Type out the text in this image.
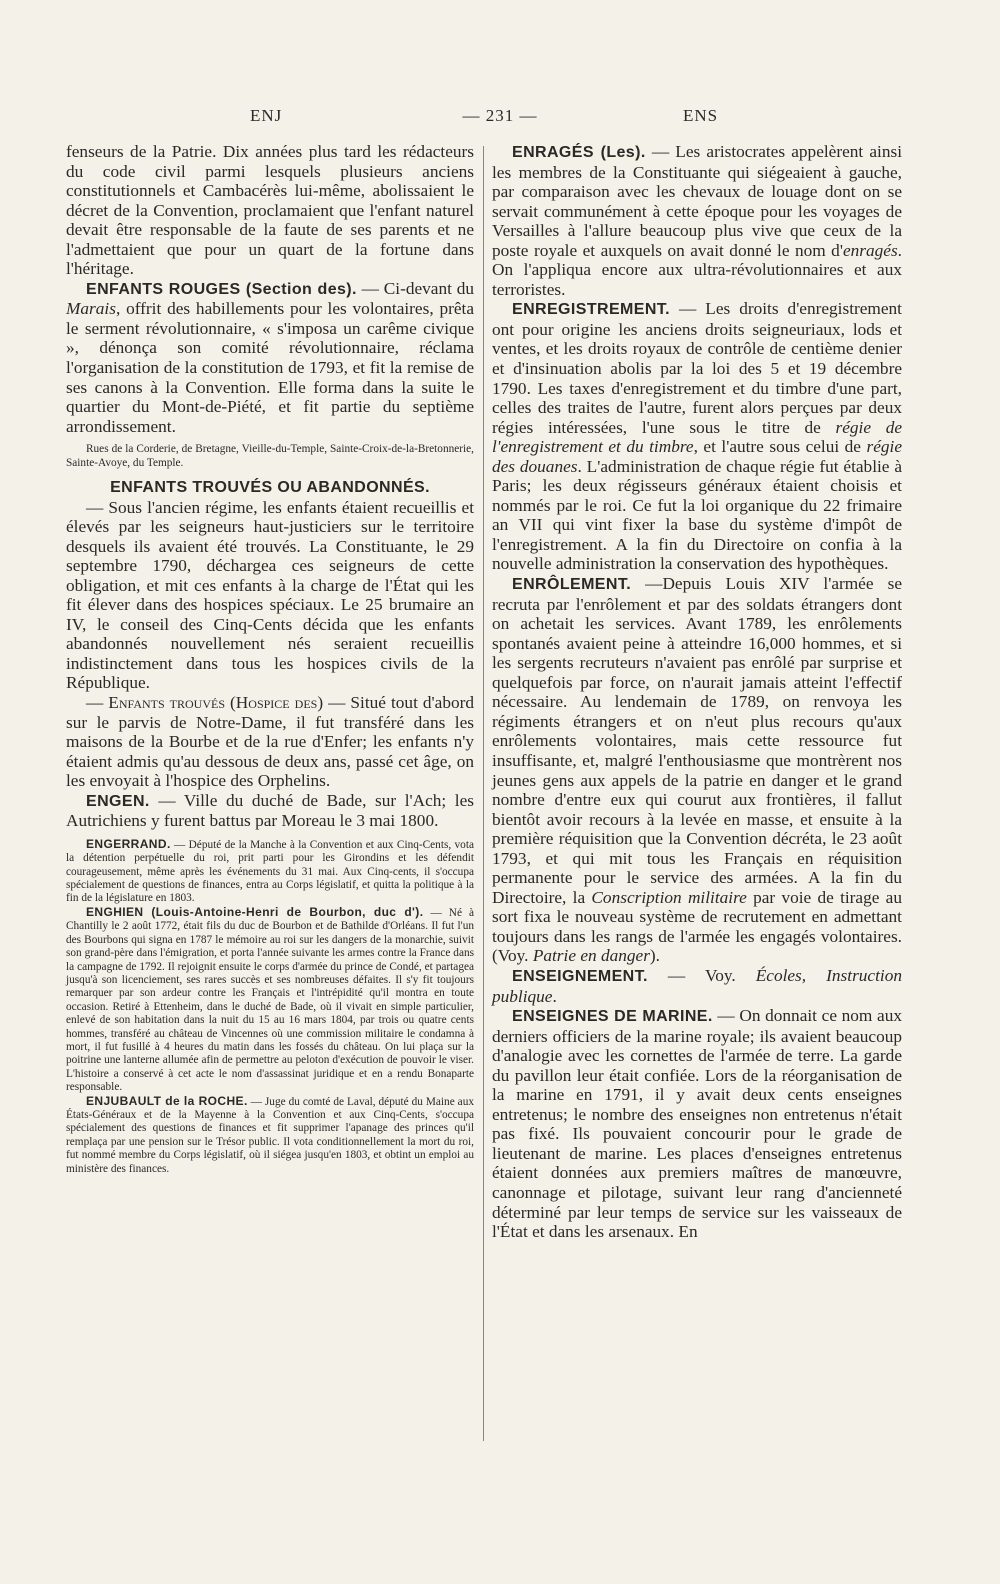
ENJ	— 231 —	ENS

fenseurs de la Patrie. Dix années plus tard les rédacteurs du code civil parmi lesquels plusieurs anciens constitutionnels et Cambacérès lui-même, abolissaient le décret de la Convention, proclamaient que l'enfant naturel devait être responsable de la faute de ses parents et ne l'admettaient que pour un quart de la fortune dans l'héritage.

ENFANTS ROUGES (Section des). — Ci-devant du Marais, offrit des habillements pour les volontaires, prêta le serment révolutionnaire, « s'imposa un carême civique », dénonça son comité révolutionnaire, réclama l'organisation de la constitution de 1793, et fit la remise de ses canons à la Convention. Elle forma dans la suite le quartier du Mont-de-Piété, et fit partie du septième arrondissement.

Rues de la Corderie, de Bretagne, Vieille-du-Temple, Sainte-Croix-de-la-Bretonnerie, Sainte-Avoye, du Temple.

ENFANTS TROUVÉS OU ABANDONNÉS.

— Sous l'ancien régime, les enfants étaient recueillis et élevés par les seigneurs haut-justiciers sur le territoire desquels ils avaient été trouvés. La Constituante, le 29 septembre 1790, déchargea ces seigneurs de cette obligation, et mit ces enfants à la charge de l'État qui les fit élever dans des hospices spéciaux. Le 25 brumaire an IV, le conseil des Cinq-Cents décida que les enfants abandonnés nouvellement nés seraient recueillis indistinctement dans tous les hospices civils de la République.

— Enfants trouvés (Hospice des) — Situé tout d'abord sur le parvis de Notre-Dame, il fut transféré dans les maisons de la Bourbe et de la rue d'Enfer; les enfants n'y étaient admis qu'au dessous de deux ans, passé cet âge, on les envoyait à l'hospice des Orphelins.

ENGEN. — Ville du duché de Bade, sur l'Ach; les Autrichiens y furent battus par Moreau le 3 mai 1800.

ENGERRAND. — Député de la Manche à la Convention et aux Cinq-Cents, vota la détention perpétuelle du roi, prit parti pour les Girondins et les défendit courageusement, même après les événements du 31 mai. Aux Cinq-cents, il s'occupa spécialement de questions de finances, entra au Corps législatif, et quitta la politique à la fin de la législature en 1803.

ENGHIEN (Louis-Antoine-Henri de Bourbon, duc d'). — Né à Chantilly le 2 août 1772, était fils du duc de Bourbon et de Bathilde d'Orléans. Il fut l'un des Bourbons qui signa en 1787 le mémoire au roi sur les dangers de la monarchie, suivit son grand-père dans l'émigration, et porta l'année suivante les armes contre la France dans la campagne de 1792. Il rejoignit ensuite le corps d'armée du prince de Condé, et partagea jusqu'à son licenciement, ses rares succès et ses nombreuses défaites. Il s'y fit toujours remarquer par son ardeur contre les Français et l'intrépidité qu'il montra en toute occasion. Retiré à Ettenheim, dans le duché de Bade, où il vivait en simple particulier, enlevé de son habitation dans la nuit du 15 au 16 mars 1804, par trois ou quatre cents hommes, transféré au château de Vincennes où une commission militaire le condamna à mort, il fut fusillé à 4 heures du matin dans les fossés du château. On lui plaça sur la poitrine une lanterne allumée afin de permettre au peloton d'exécution de pouvoir le viser. L'histoire a conservé à cet acte le nom d'assassinat juridique et en a rendu Bonaparte responsable.

ENJUBAULT de la ROCHE. — Juge du comté de Laval, député du Maine aux États-Généraux et de la Mayenne à la Convention et aux Cinq-Cents, s'occupa spécialement des questions de finances et fit supprimer l'apanage des princes qu'il remplaça par une pension sur le Trésor public. Il vota conditionnellement la mort du roi, fut nommé membre du Corps législatif, où il siégea jusqu'en 1803, et obtint un emploi au ministère des finances.

ENRAGÉS (Les). — Les aristocrates appelèrent ainsi les membres de la Constituante qui siégeaient à gauche, par comparaison avec les chevaux de louage dont on se servait communément à cette époque pour les voyages de Versailles à l'allure beaucoup plus vive que ceux de la poste royale et auxquels on avait donné le nom d'enragés. On l'appliqua encore aux ultra-révolutionnaires et aux terroristes.

ENREGISTREMENT. — Les droits d'enregistrement ont pour origine les anciens droits seigneuriaux, lods et ventes, et les droits royaux de contrôle de centième denier et d'insinuation abolis par la loi des 5 et 19 décembre 1790. Les taxes d'enregistrement et du timbre d'une part, celles des traites de l'autre, furent alors perçues par deux régies intéressées, l'une sous le titre de régie de l'enregistrement et du timbre, et l'autre sous celui de régie des douanes. L'administration de chaque régie fut établie à Paris; les deux régisseurs généraux étaient choisis et nommés par le roi. Ce fut la loi organique du 22 frimaire an VII qui vint fixer la base du système d'impôt de l'enregistrement. A la fin du Directoire on confia à la nouvelle administration la conservation des hypothèques.

ENRÔLEMENT. —Depuis Louis XIV l'armée se recruta par l'enrôlement et par des soldats étrangers dont on achetait les services. Avant 1789, les enrôlements spontanés avaient peine à atteindre 16,000 hommes, et si les sergents recruteurs n'avaient pas enrôlé par surprise et quelquefois par force, on n'aurait jamais atteint l'effectif nécessaire. Au lendemain de 1789, on renvoya les régiments étrangers et on n'eut plus recours qu'aux enrôlements volontaires, mais cette ressource fut insuffisante, et, malgré l'enthousiasme que montrèrent nos jeunes gens aux appels de la patrie en danger et le grand nombre d'entre eux qui courut aux frontières, il fallut bientôt avoir recours à la levée en masse, et ensuite à la première réquisition que la Convention décréta, le 23 août 1793, et qui mit tous les Français en réquisition permanente pour le service des armées. A la fin du Directoire, la Conscription militaire par voie de tirage au sort fixa le nouveau système de recrutement en admettant toujours dans les rangs de l'armée les engagés volontaires. (Voy. Patrie en danger).

ENSEIGNEMENT. — Voy. Écoles, Instruction publique.

ENSEIGNES DE MARINE. — On donnait ce nom aux derniers officiers de la marine royale; ils avaient beaucoup d'analogie avec les cornettes de l'armée de terre. La garde du pavillon leur était confiée. Lors de la réorganisation de la marine en 1791, il y avait deux cents enseignes entretenus; le nombre des enseignes non entretenus n'était pas fixé. Ils pouvaient concourir pour le grade de lieutenant de marine. Les places d'enseignes entretenus étaient données aux premiers maîtres de manœuvre, canonnage et pilotage, suivant leur rang d'ancienneté déterminé par leur temps de service sur les vaisseaux de l'État et dans les arsenaux. En
